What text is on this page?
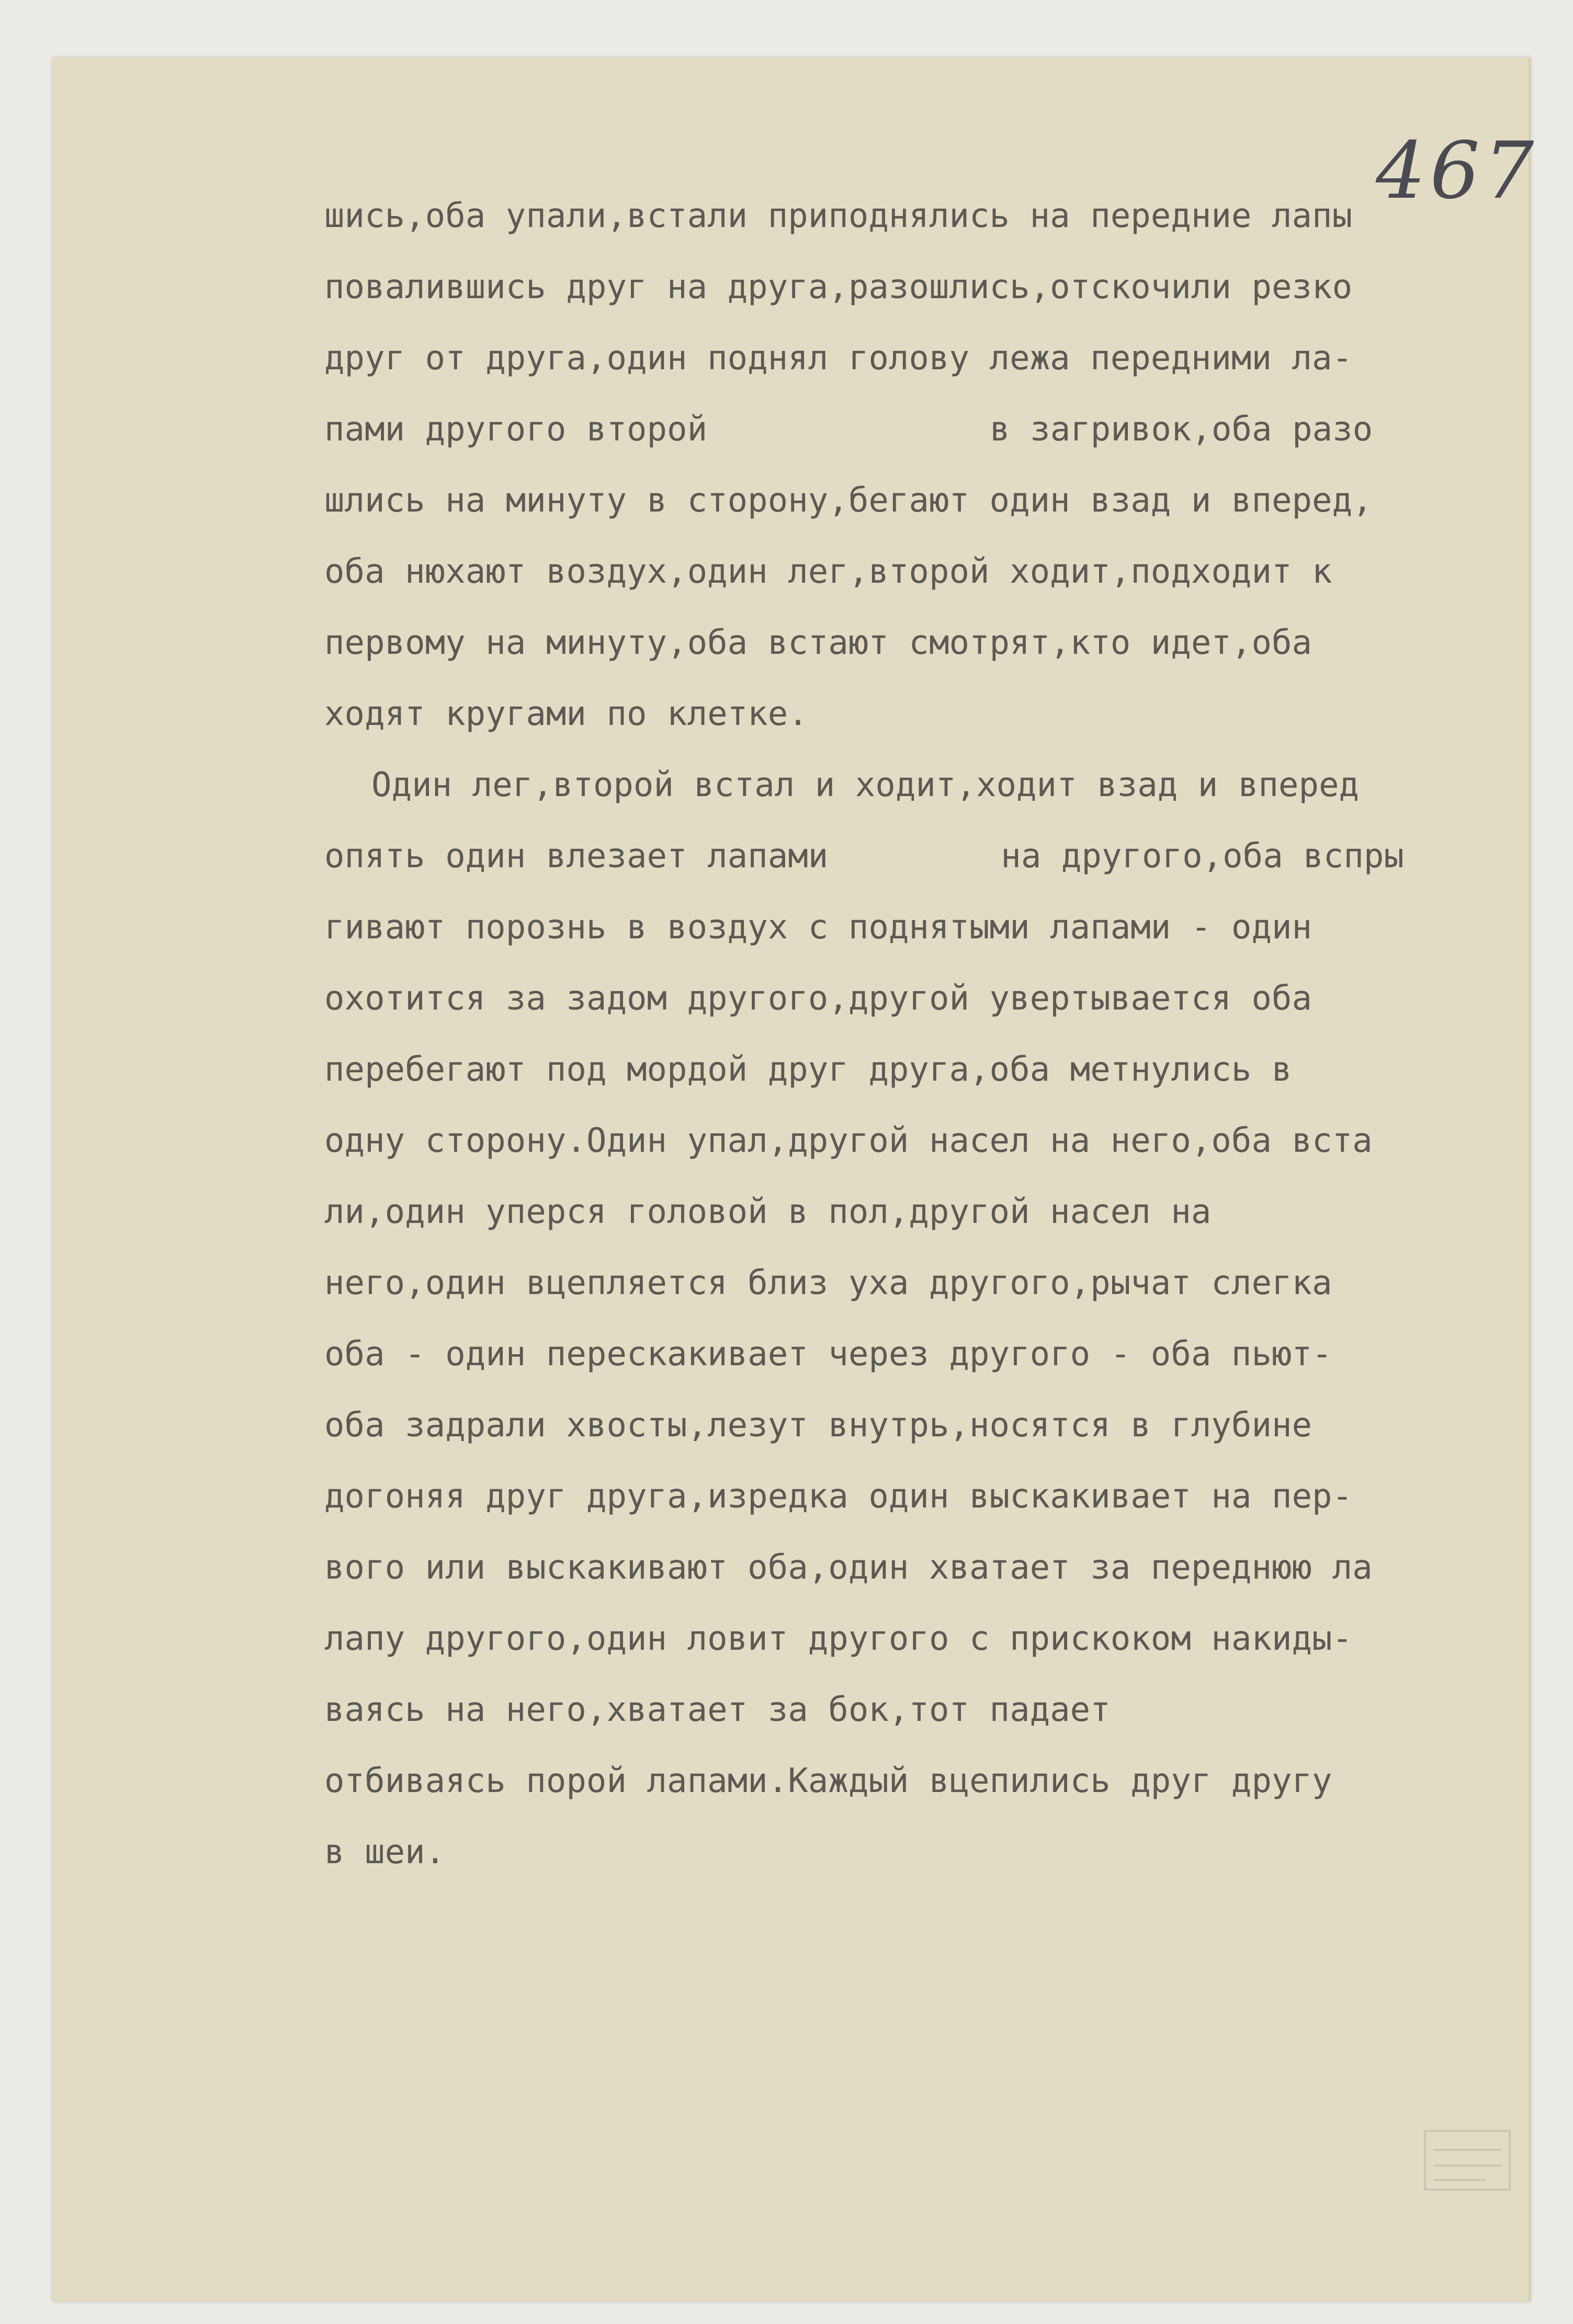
467
шись,оба упали,встали приподнялись на передние лапы
повалившись друг на друга,разошлись,отскочили резко
друг от друга,один поднял голову лежа передними ла-
пами другого второй	в загривок,оба разо
шлись на минуту в сторону,бегают один взад и вперед,
оба нюхают воздух,один лег,второй ходит,подходит к
первому на минуту,оба встают смотрят,кто идет,оба
ходят кругами по клетке.
Один лег,второй встал и ходит,ходит взад и вперед
опять один влезает лапами	на другого,оба вспры
гивают порознь в воздух с поднятыми лапами - один
охотится за задом другого,другой увертывается оба
перебегают под мордой друг друга,оба метнулись в
одну сторону.Один упал,другой насел на него,оба вста
ли,один уперся головой в пол,другой насел на
него,один вцепляется близ уха другого,рычат слегка
оба - один перескакивает через другого - оба пьют-
оба задрали хвосты,лезут внутрь,носятся в глубине
догоняя друг друга,изредка один выскакивает на пер-
вого или выскакивают оба,один хватает за переднюю ла
лапу другого,один ловит другого с прискоком накиды-
ваясь на него,хватает за бок,тот падает
отбиваясь порой лапами.Каждый вцепились друг другу
в шеи.
